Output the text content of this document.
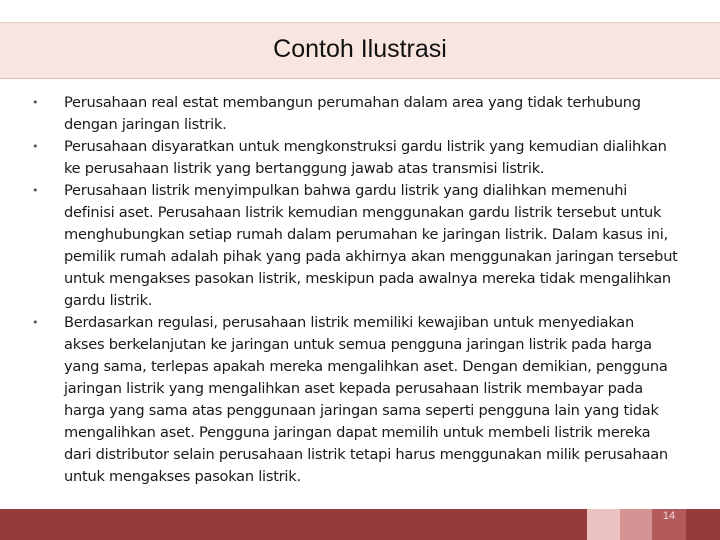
Contoh Ilustrasi
• Perusahaan real estat membangun perumahan dalam area yang tidak terhubung dengan jaringan listrik.
• Perusahaan disyaratkan untuk mengkonstruksi gardu listrik yang kemudian dialihkan ke perusahaan listrik yang bertanggung jawab atas transmisi listrik.
• Perusahaan listrik menyimpulkan bahwa gardu listrik yang dialihkan memenuhi definisi aset. Perusahaan listrik kemudian menggunakan gardu listrik tersebut untuk menghubungkan setiap rumah dalam perumahan ke jaringan listrik. Dalam kasus ini, pemilik rumah adalah pihak yang pada akhirnya akan menggunakan jaringan tersebut untuk mengakses pasokan listrik, meskipun pada awalnya mereka tidak mengalihkan gardu listrik.
• Berdasarkan regulasi, perusahaan listrik memiliki kewajiban untuk menyediakan akses berkelanjutan ke jaringan untuk semua pengguna jaringan listrik pada harga yang sama, terlepas apakah mereka mengalihkan aset. Dengan demikian, pengguna jaringan listrik yang mengalihkan aset kepada perusahaan listrik membayar pada harga yang sama atas penggunaan jaringan sama seperti pengguna lain yang tidak mengalihkan aset. Pengguna jaringan dapat memilih untuk membeli listrik mereka dari distributor selain perusahaan listrik tetapi harus menggunakan milik perusahaan untuk mengakses pasokan listrik.
14
